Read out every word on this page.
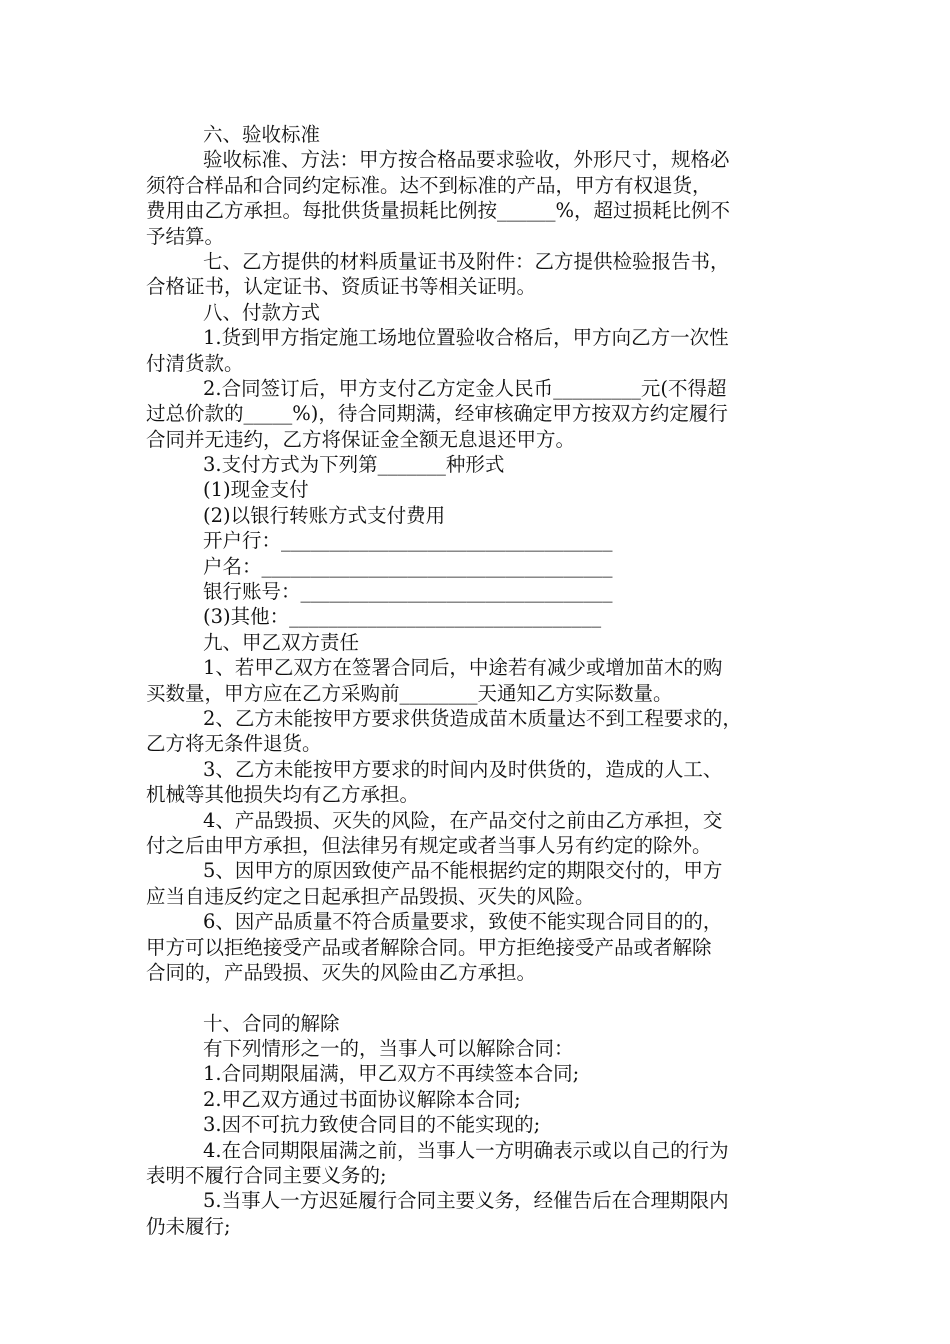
六、验收标准
验收标准、方法：甲方按合格品要求验收，外形尺寸，规格必
须符合样品和合同约定标准。达不到标准的产品，甲方有权退货，
费用由乙方承担。每批供货量损耗比例按______%，超过损耗比例不
予结算。
七、乙方提供的材料质量证书及附件：乙方提供检验报告书，
合格证书，认定证书、资质证书等相关证明。
八、付款方式
1.货到甲方指定施工场地位置验收合格后，甲方向乙方一次性
付清货款。
2.合同签订后，甲方支付乙方定金人民币_________元(不得超
过总价款的_____%)，待合同期满，经审核确定甲方按双方约定履行
合同并无违约，乙方将保证金全额无息退还甲方。
3.支付方式为下列第_______种形式
(1)现金支付
(2)以银行转账方式支付费用
开户行：__________________________________
户名：____________________________________
银行账号：________________________________
(3)其他：________________________________
九、甲乙双方责任
1、若甲乙双方在签署合同后，中途若有减少或增加苗木的购
买数量，甲方应在乙方采购前________天通知乙方实际数量。
2、乙方未能按甲方要求供货造成苗木质量达不到工程要求的，
乙方将无条件退货。
3、乙方未能按甲方要求的时间内及时供货的，造成的人工、
机械等其他损失均有乙方承担。
4、产品毁损、灭失的风险，在产品交付之前由乙方承担，交
付之后由甲方承担，但法律另有规定或者当事人另有约定的除外。
5、因甲方的原因致使产品不能根据约定的期限交付的，甲方
应当自违反约定之日起承担产品毁损、灭失的风险。
6、因产品质量不符合质量要求，致使不能实现合同目的的，
甲方可以拒绝接受产品或者解除合同。甲方拒绝接受产品或者解除
合同的，产品毁损、灭失的风险由乙方承担。
十、合同的解除
有下列情形之一的，当事人可以解除合同：
1.合同期限届满，甲乙双方不再续签本合同;
2.甲乙双方通过书面协议解除本合同;
3.因不可抗力致使合同目的不能实现的;
4.在合同期限届满之前，当事人一方明确表示或以自己的行为
表明不履行合同主要义务的;
5.当事人一方迟延履行合同主要义务，经催告后在合理期限内
仍未履行;
